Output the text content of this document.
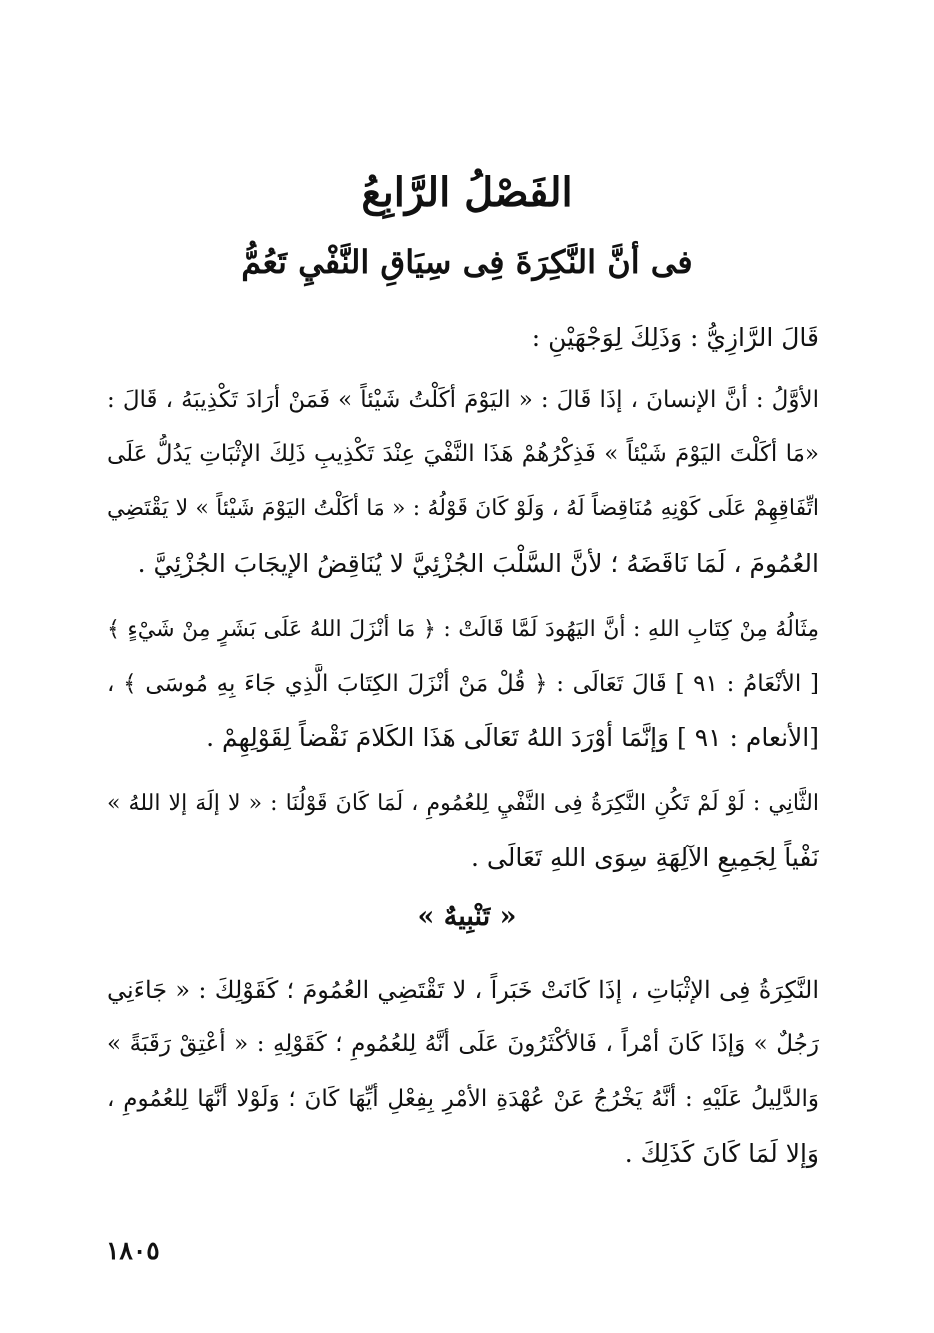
الفَصْلُ الرَّابِعُ
فى أنَّ النَّكِرَةَ فِى سِيَاقِ النَّفْيِ تَعُمُّ
قَالَ الرَّازِيُّ : وَذَلِكَ لِوَجْهَيْنِ :
الأوَّلُ : أنَّ الإنسانَ ، إذَا قَالَ : « اليَوْمَ أكَلْتُ شَيْئاً » فَمَنْ أرَادَ تَكْذِيبَهُ ، قَالَ :
«مَا أكَلْتَ اليَوْمَ شَيْئاً » فَذِكْرُهُمْ هَذَا النَّفْيَ عِنْدَ تَكْذِيبِ ذَلِكَ الإثْبَاتِ يَدُلُّ عَلَى
اتِّفَاقِهِمْ عَلَى كَوْنِهِ مُنَاقِضاً لَهُ ، وَلَوْ كَانَ قَوْلُهُ : « مَا أكَلْتُ اليَوْمَ شَيْئاً » لا يَقْتَضِي
العُمُومَ ، لَمَا نَاقَضَهُ ؛ لأنَّ السَّلْبَ الجُزْئِيَّ لا يُنَاقِضُ الإيجَابَ الجُزْئِيَّ .
مِثَالُهُ مِنْ كِتَابِ اللهِ : أنَّ اليَهُودَ لَمَّا قَالَتْ : ﴿ مَا أنْزَلَ اللهُ عَلَى بَشَرٍ مِنْ شَيْءٍ ﴾
[ الأنْعَامُ : ٩١ ] قَالَ تَعَالَى : ﴿ قُلْ مَنْ أنْزَلَ الكِتَابَ الَّذِي جَاءَ بِهِ مُوسَى ﴾ ،
[الأنعام : ٩١ ] وَإنَّمَا أوْرَدَ اللهُ تَعَالَى هَذَا الكَلامَ نَقْضاً لِقَوْلِهِمْ .
الثَّانِي : لَوْ لَمْ تَكُنِ النَّكِرَةُ فِى النَّفْيِ لِلعُمُومِ ، لَمَا كَانَ قَوْلُنَا : « لا إلَهَ إلا اللهُ »
نَفْياً لِجَمِيعِ الآلِهَةِ سِوَى اللهِ تَعَالَى .
« تَنْبِيهٌ »
النَّكِرَةُ فِى الإثْبَاتِ ، إذَا كَانَتْ خَبَراً ، لا تَقْتَضِي العُمُومَ ؛ كَقَوْلِكَ : « جَاءَنِي
رَجُلٌ » وَإذَا كَانَ أمْراً ، فَالأكْثَرُونَ عَلَى أنَّهُ لِلعُمُومِ ؛ كَقَوْلِهِ : « أعْتِقْ رَقَبَةً »
وَالدَّلِيلُ عَلَيْهِ : أنَّهُ يَخْرُجُ عَنْ عُهْدَةِ الأمْرِ بِفِعْلِ أيِّهَا كَانَ ؛ وَلَوْلا أنَّهَا لِلعُمُومِ ،
وَإلا لَمَا كَانَ كَذَلِكَ .
١٨٠٥
